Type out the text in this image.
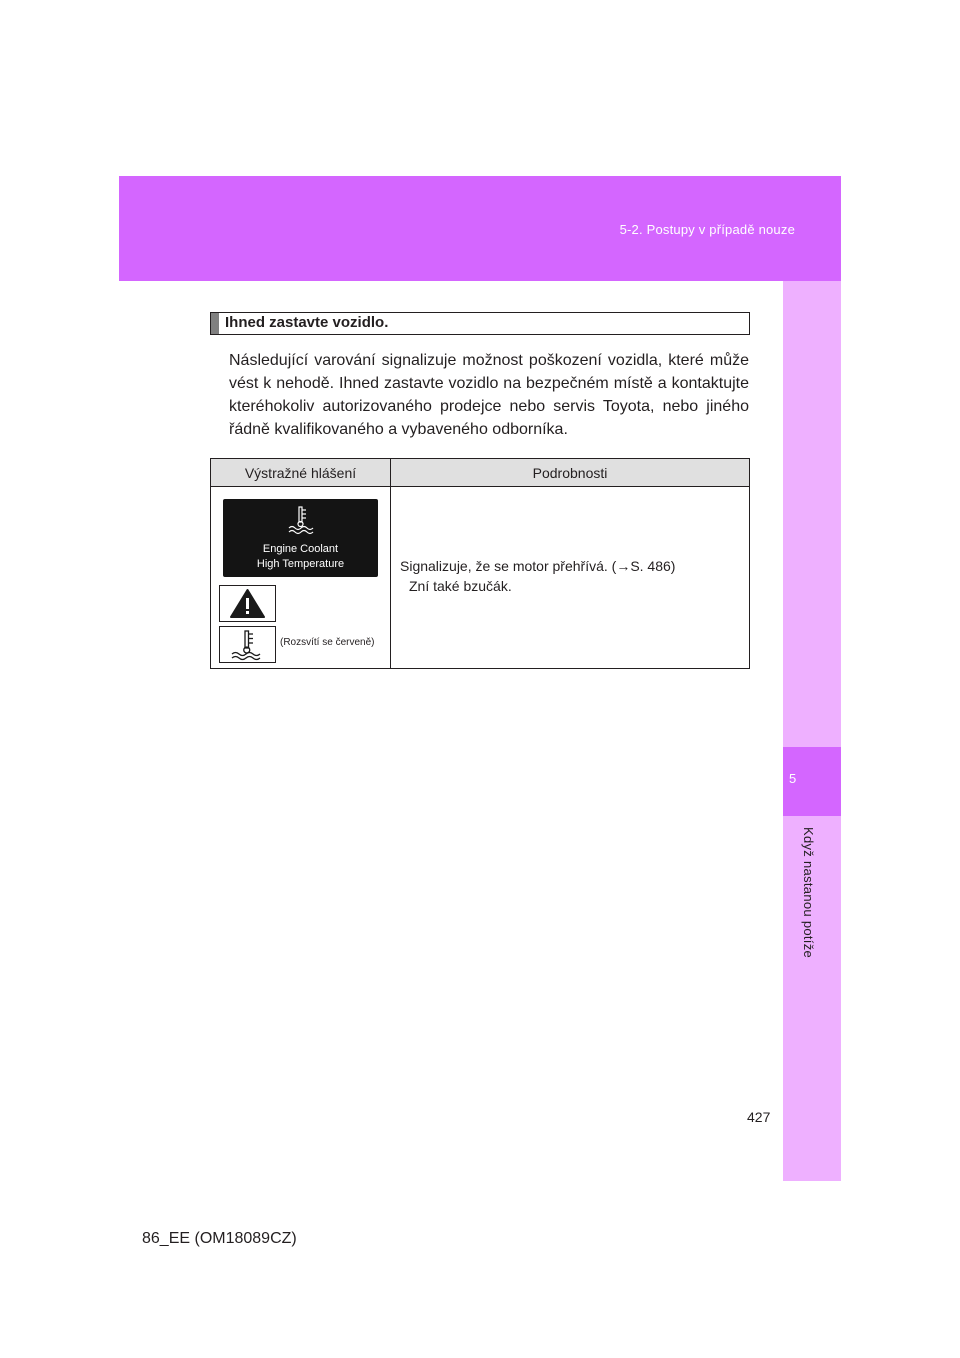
5-2. Postupy v případě nouze
5
Když nastanou potíže
Ihned zastavte vozidlo.

Následující varování signalizuje možnost poškození vozidla, které může vést k nehodě. Ihned zastavte vozidlo na bezpečném místě a kontaktujte kteréhokoliv autorizovaného prodejce nebo servis Toyota, nebo jiného řádně kvalifikovaného a vybaveného odborníka.

Výstražné hlášení	Podrobnosti

Engine Coolant
High Temperature
(Rozsvítí se červeně)	Signalizuje, že se motor přehřívá. (→S. 486)
Zní také bzučák.
427
86_EE (OM18089CZ)
